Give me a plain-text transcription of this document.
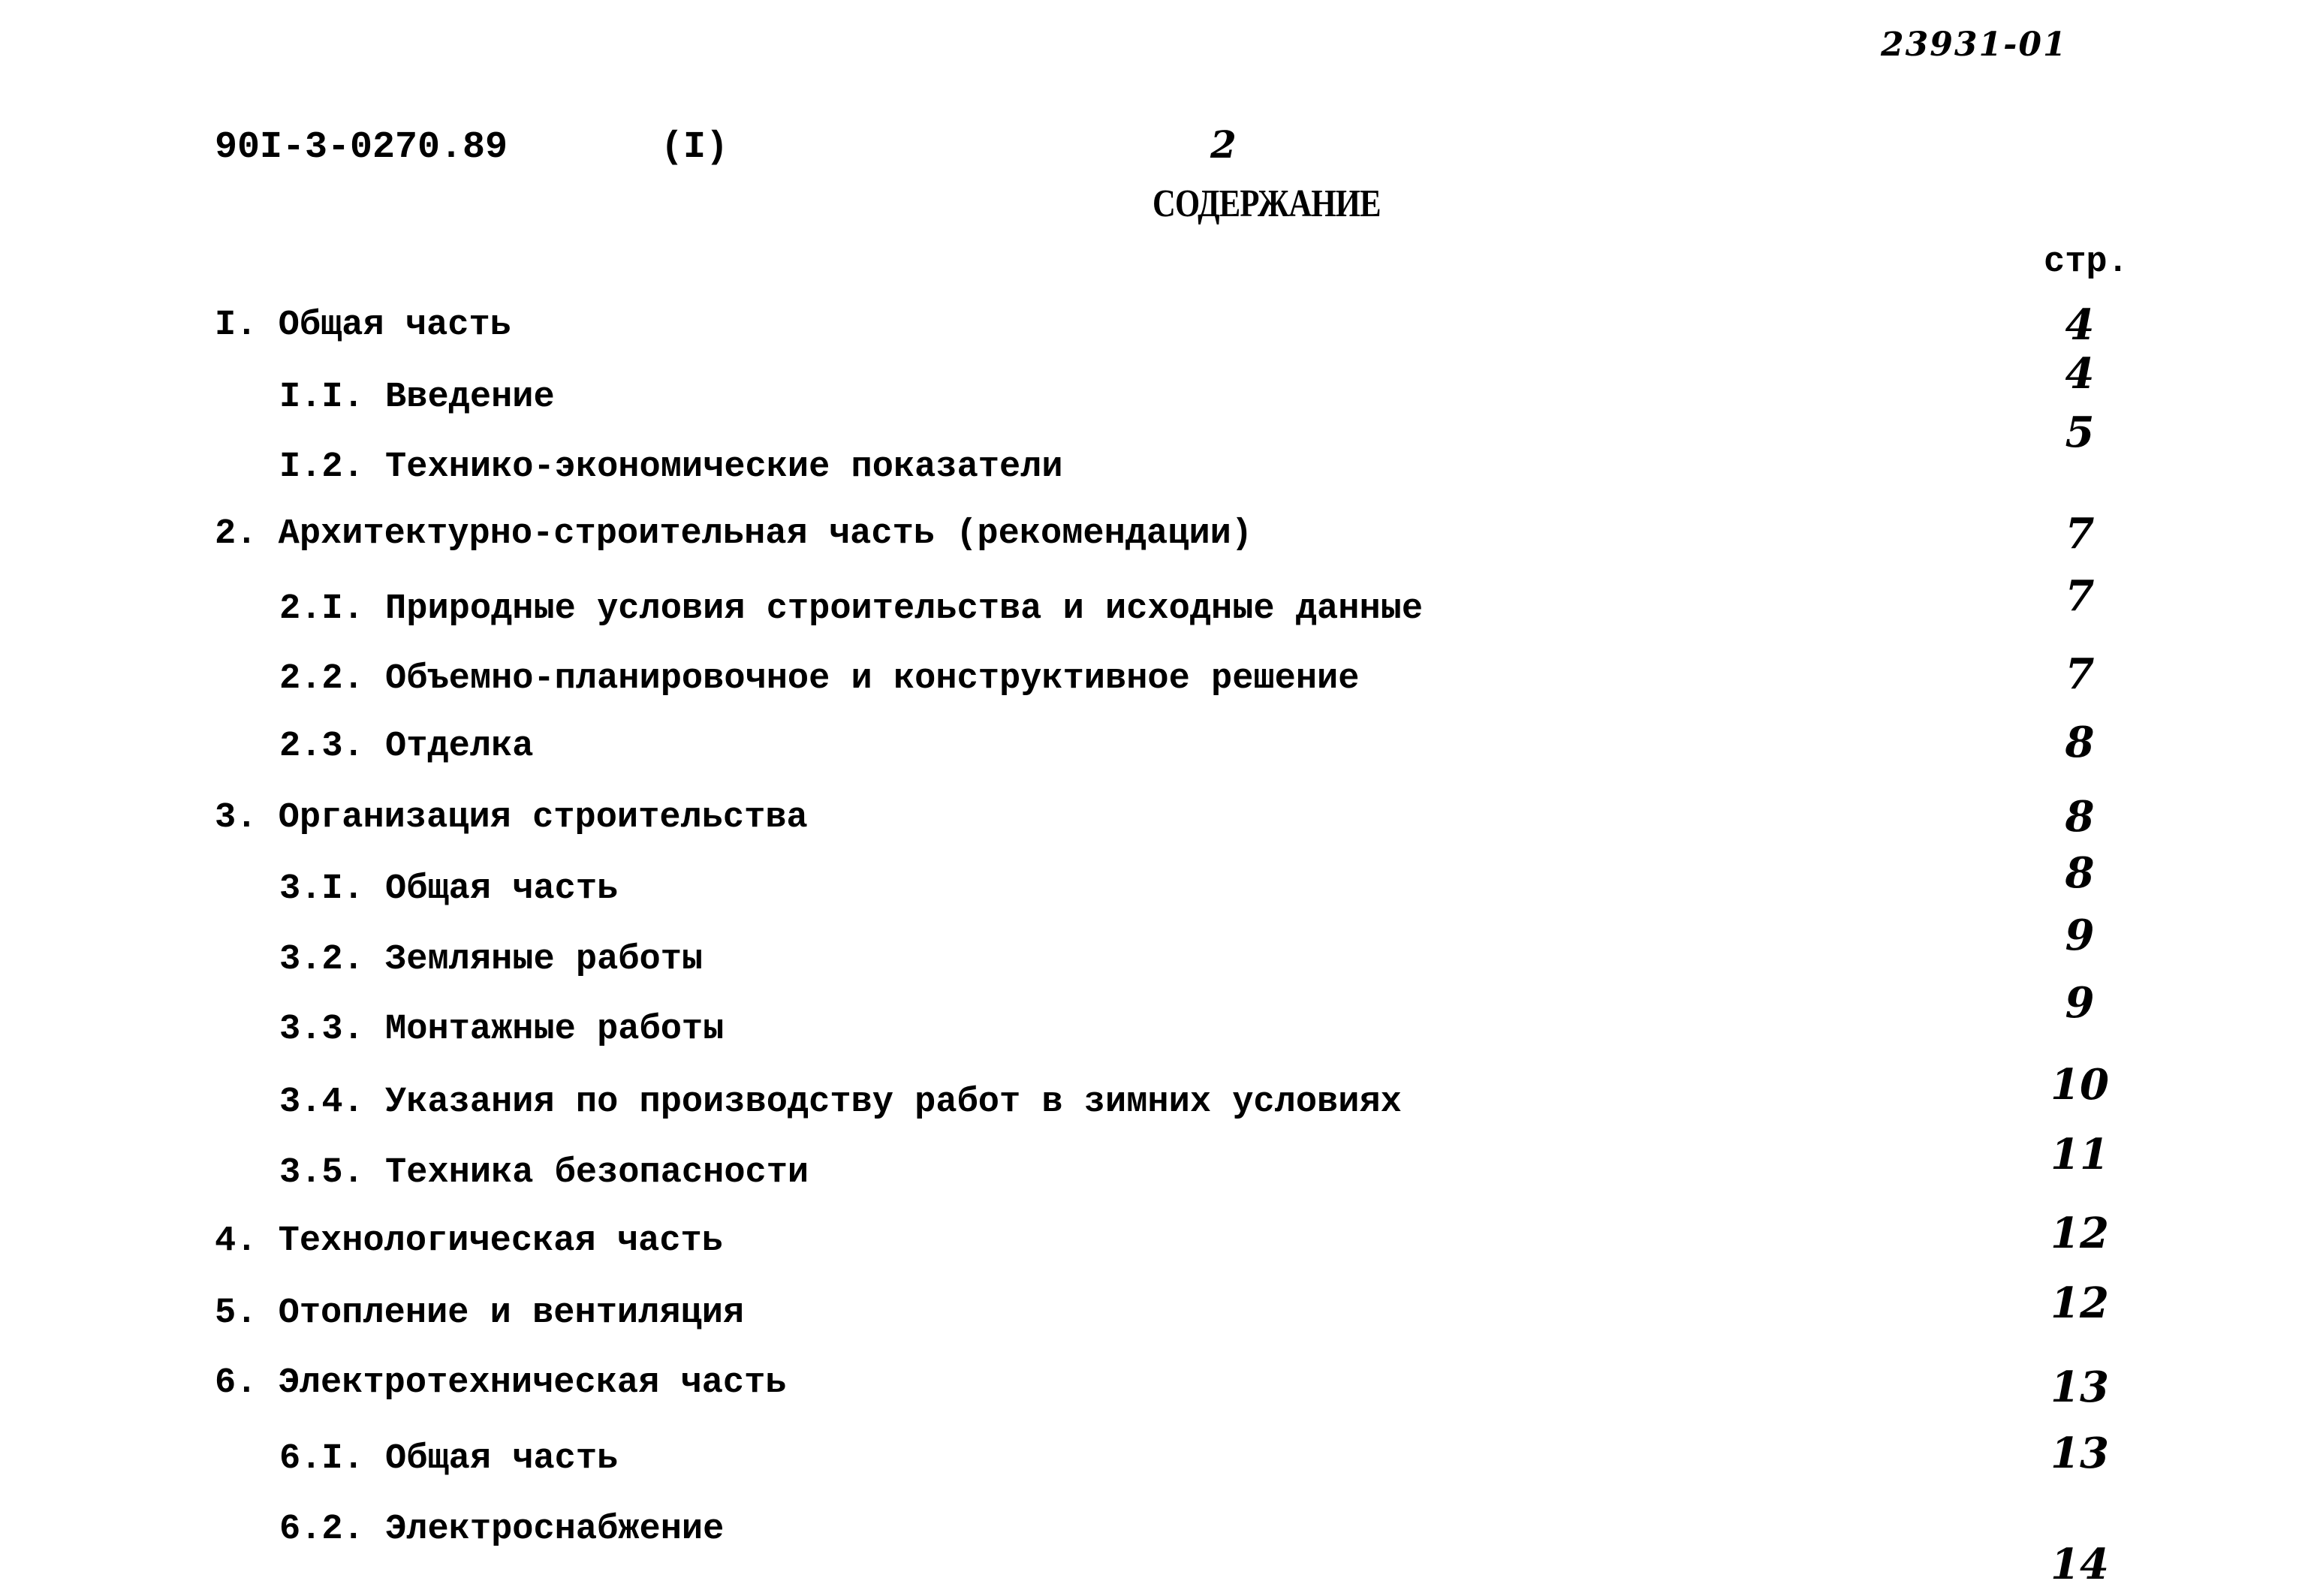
23931-01
90I-3-0270.89	(I)	2
СОДЕРЖАНИЕ
стр.
I. Общая часть
I.I. Введение
I.2. Технико-экономические показатели
2. Архитектурно-строительная часть (рекомендации)
2.I. Природные условия строительства и исходные данные
2.2. Объемно-планировочное и конструктивное решение
2.3. Отделка
3. Организация строительства
3.I. Общая часть
3.2. Земляные работы
3.3. Монтажные работы
3.4. Указания по производству работ в зимних условиях
3.5. Техника безопасности
4. Технологическая часть
5. Отопление и вентиляция
6. Электротехническая часть
6.I. Общая часть
6.2. Электроснабжение
4
4
5
7
7
7
8
8
8
9
9
10
11
12
12
13
13
14
